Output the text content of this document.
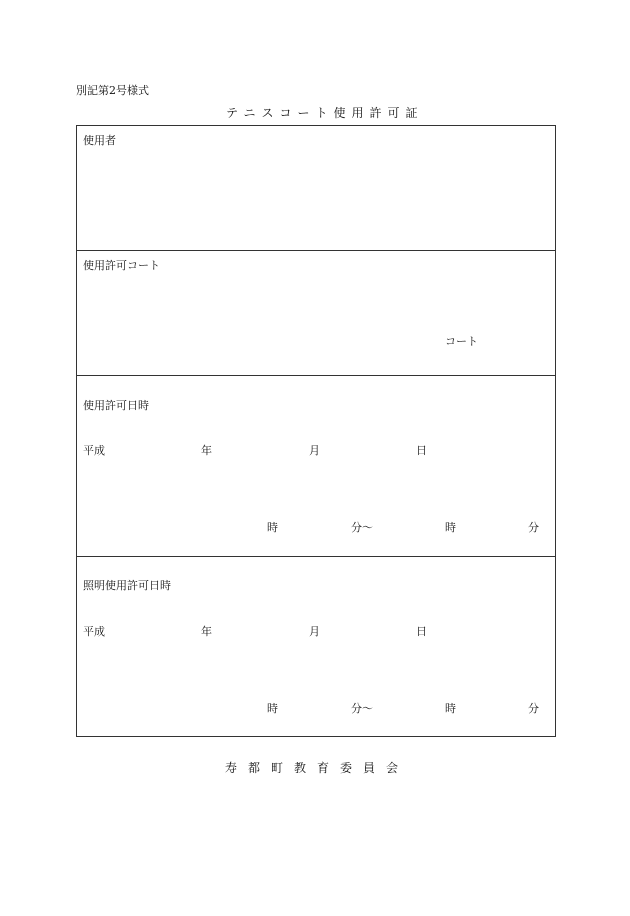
別記第2号様式
テニスコート使用許可証
使用者
使用許可コート
コート
使用許可日時
平成	年	月	日
時	分〜	時	分
照明使用許可日時
平成	年	月	日
時	分〜	時	分
寿都町教育委員会
